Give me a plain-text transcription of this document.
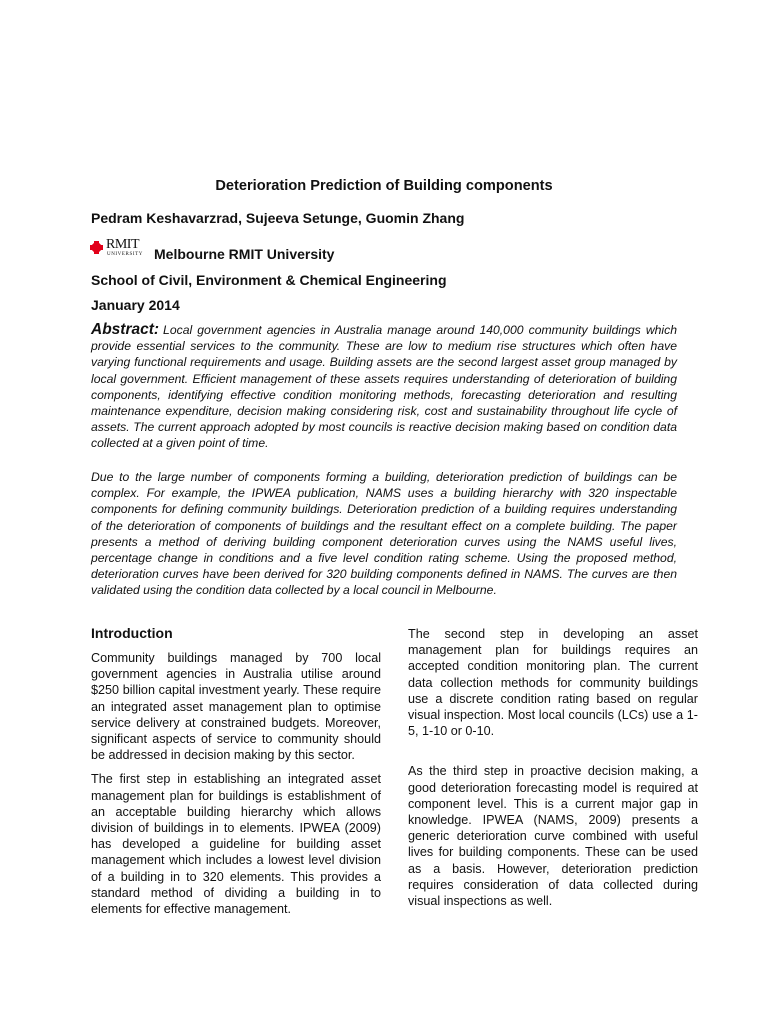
Deterioration Prediction of Building components

Pedram Keshavarzrad, Sujeeva Setunge, Guomin Zhang

RMIT
UNIVERSITY Melbourne RMIT University

School of Civil, Environment & Chemical Engineering

January 2014

Abstract: Local government agencies in Australia manage around 140,000 community buildings which provide essential services to the community. These are low to medium rise structures which often have varying functional requirements and usage. Building assets are the second largest asset group managed by local government. Efficient management of these assets requires understanding of deterioration of building components, identifying effective condition monitoring methods, forecasting deterioration and resulting maintenance expenditure, decision making considering risk, cost and sustainability throughout life cycle of assets. The current approach adopted by most councils is reactive decision making based on condition data collected at a given point of time.

Due to the large number of components forming a building, deterioration prediction of buildings can be complex. For example, the IPWEA publication, NAMS uses a building hierarchy with 320 inspectable components for defining community buildings. Deterioration prediction of a building requires understanding of the deterioration of components of buildings and the resultant effect on a complete building. The paper presents a method of deriving building component deterioration curves using the NAMS useful lives, percentage change in conditions and a five level condition rating scheme. Using the proposed method, deterioration curves have been derived for 320 building components defined in NAMS. The curves are then validated using the condition data collected by a local council in Melbourne.

Introduction

Community buildings managed by 700 local government agencies in Australia utilise around $250 billion capital investment yearly. These require an integrated asset management plan to optimise service delivery at constrained budgets. Moreover, significant aspects of service to community should be addressed in decision making by this sector.

The first step in establishing an integrated asset management plan for buildings is establishment of an acceptable building hierarchy which allows division of buildings in to elements. IPWEA (2009) has developed a guideline for building asset management which includes a lowest level division of a building in to 320 elements. This provides a standard method of dividing a building in to elements for effective management.

The second step in developing an asset management plan for buildings requires an accepted condition monitoring plan. The current data collection methods for community buildings use a discrete condition rating based on regular visual inspection. Most local councils (LCs) use a 1-5, 1-10 or 0-10.

As the third step in proactive decision making, a good deterioration forecasting model is required at component level. This is a current major gap in knowledge. IPWEA (NAMS, 2009) presents a generic deterioration curve combined with useful lives for building components. These can be used as a basis. However, deterioration prediction requires consideration of data collected during visual inspections as well.
